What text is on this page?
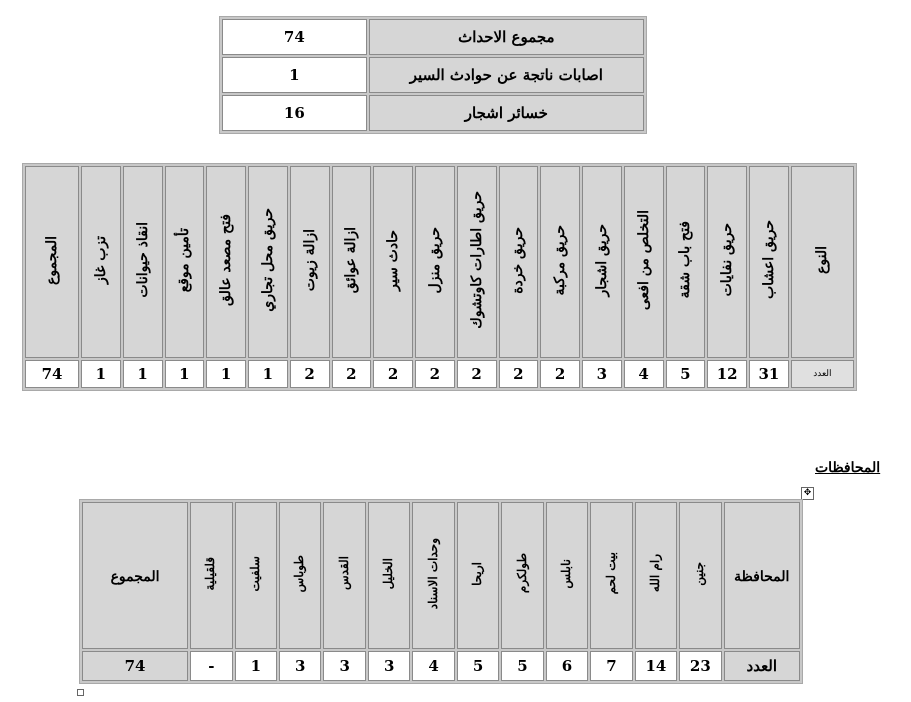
74	مجموع الاحداث
1	اصابات ناتجة عن حوادث السير
16	خسائر اشجار
المجموع	تزب غاز	انقاذ حيوانات	تأمين موقع	فتح مصعد عالق	حريق محل تجاري	ازالة زيوت	ازالة عوائق	حادث سير	حريق منزل	حريق اطارات كاوتشوك	حريق خردة	حريق مركبة	حريق اشجار	التخلص من افعى	فتح باب شقة	حريق نفايات	حريق اعشاب	النوع
74	1	1	1	1	1	2	2	2	2	2	2	2	3	4	5	12	31	العدد
المحافظات
✥
المجموع	قلقيلية	سلفيت	طوباس	القدس	الخليل	وحدات الاسناد	اريحا	طولكرم	نابلس	بيت لحم	رام الله	جنين	المحافظة
74	-	1	3	3	3	4	5	5	6	7	14	23	العدد
